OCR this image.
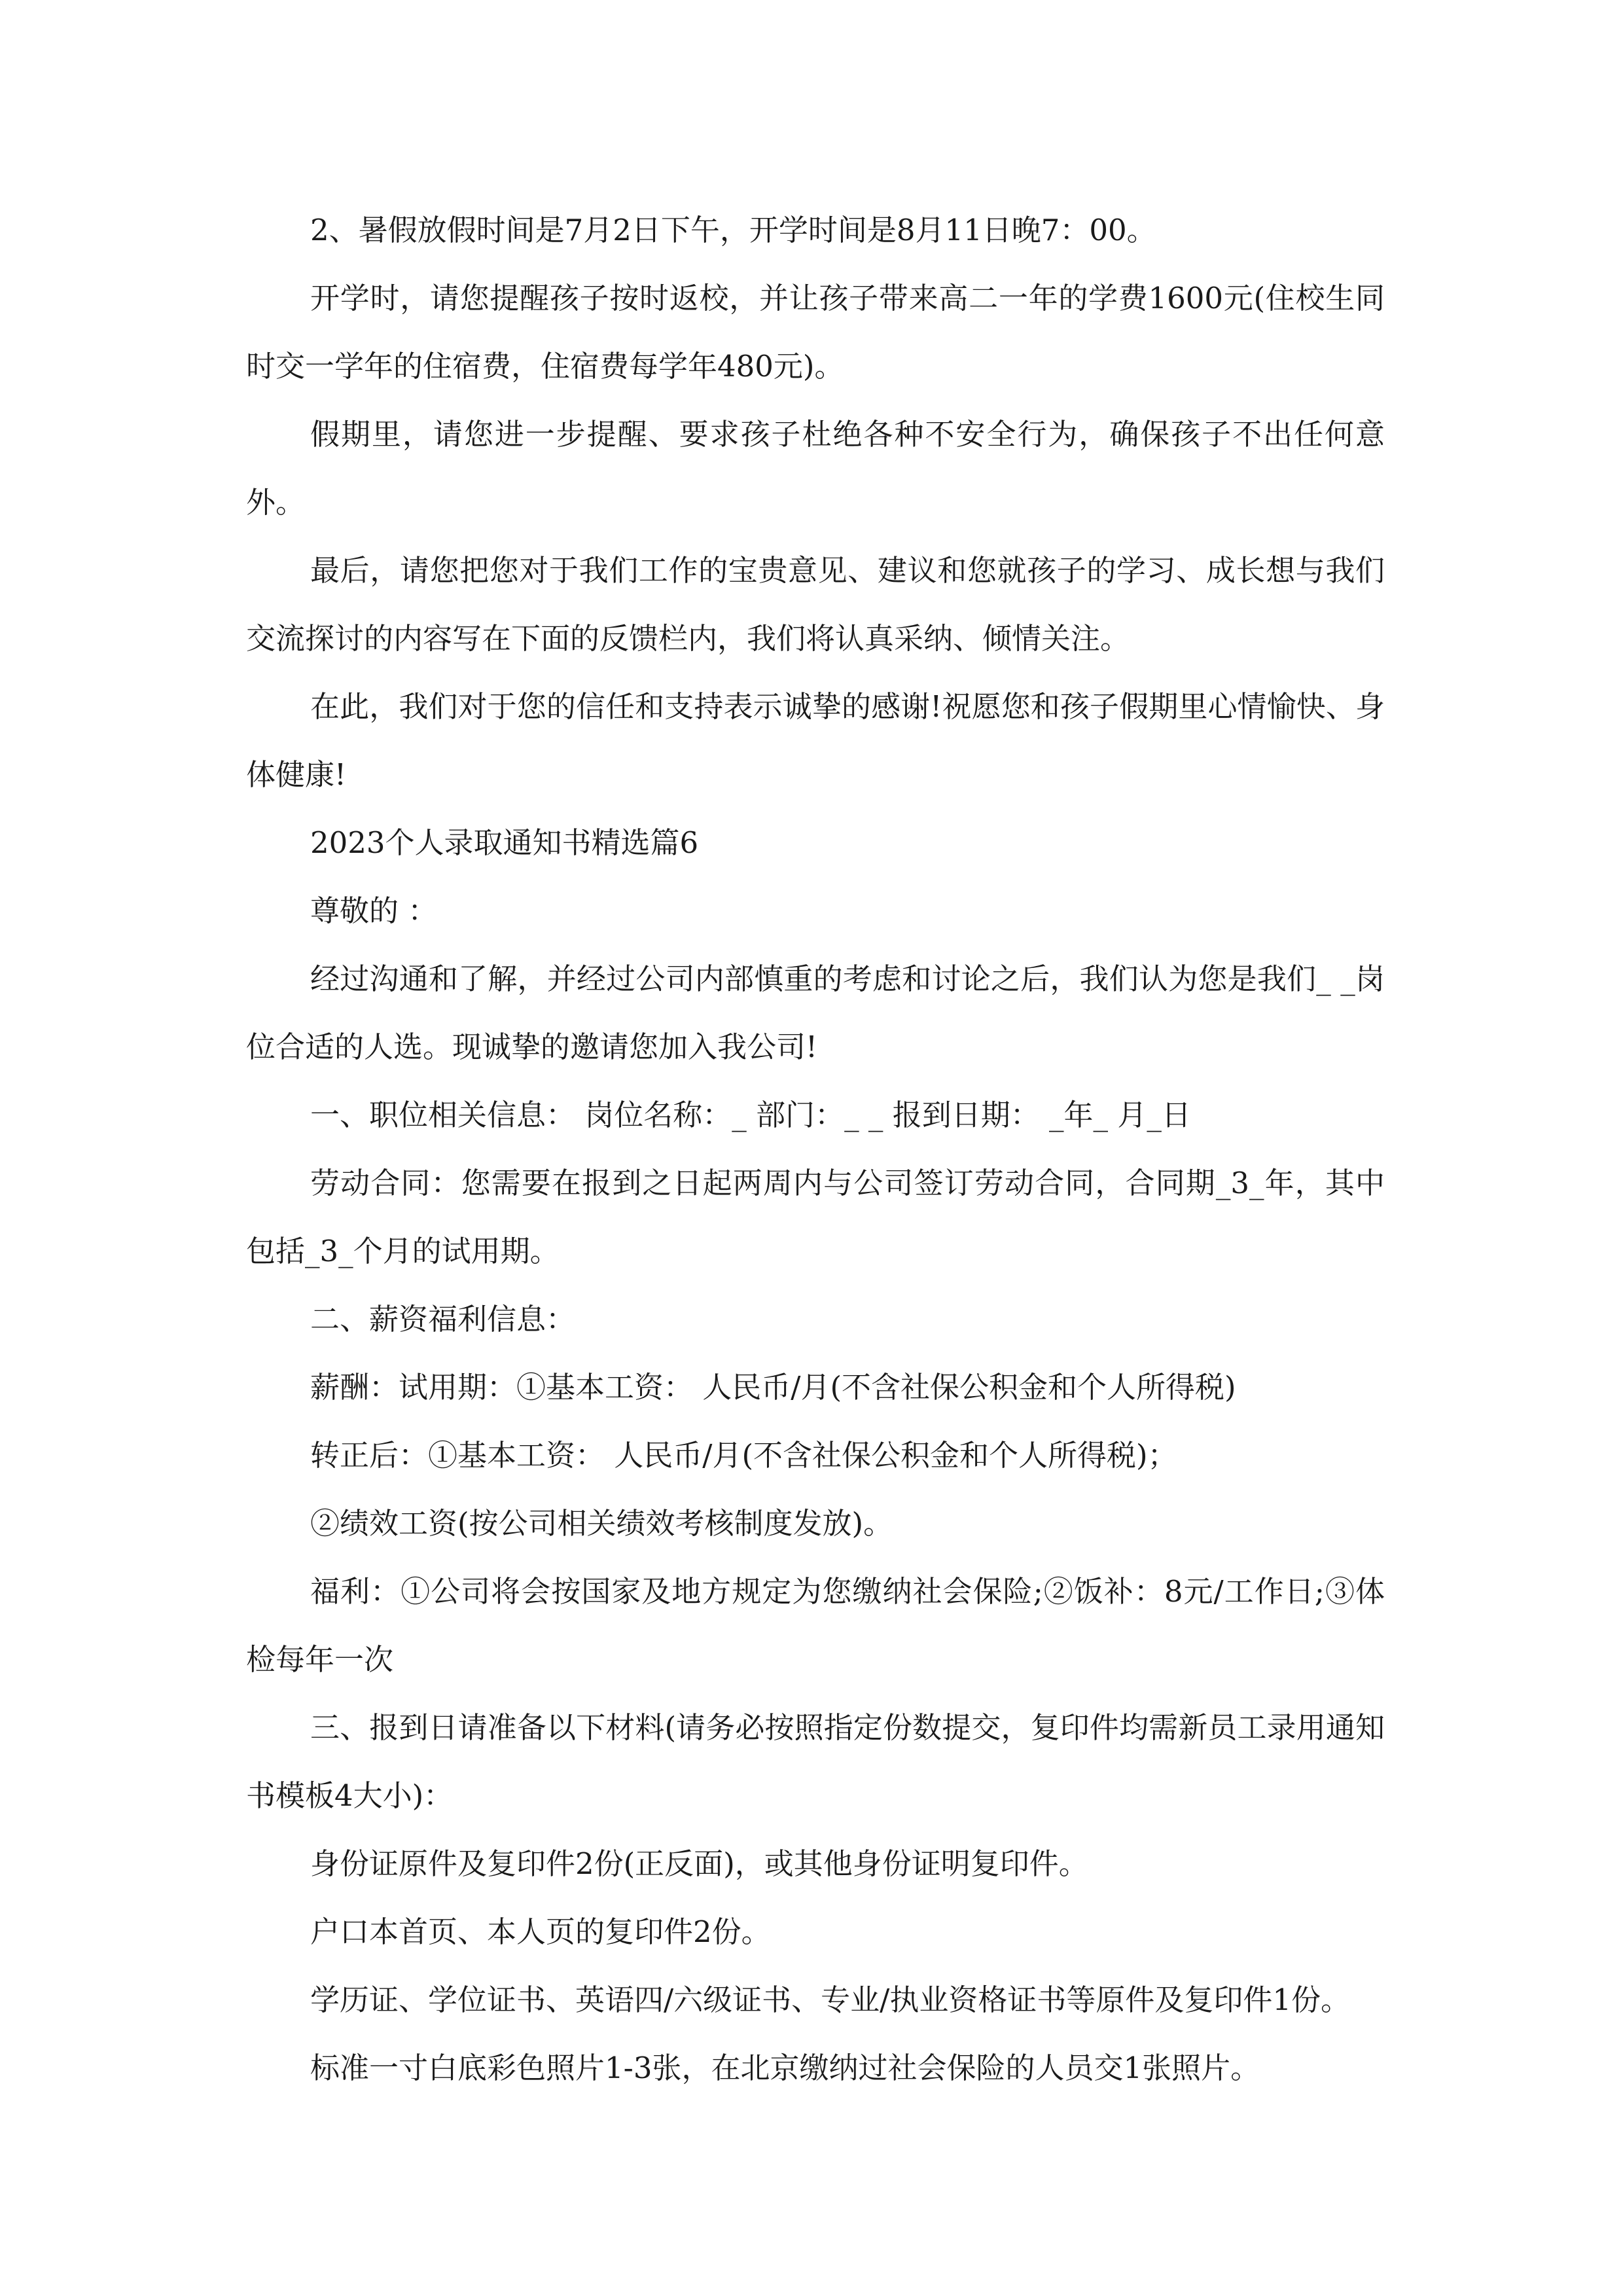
2、暑假放假时间是7月2日下午，开学时间是8月11日晚7：00。

开学时，请您提醒孩子按时返校，并让孩子带来高二一年的学费1600元(住校生同时交一学年的住宿费，住宿费每学年480元)。

假期里，请您进一步提醒、要求孩子杜绝各种不安全行为，确保孩子不出任何意外。

最后，请您把您对于我们工作的宝贵意见、建议和您就孩子的学习、成长想与我们交流探讨的内容写在下面的反馈栏内，我们将认真采纳、倾情关注。

在此，我们对于您的信任和支持表示诚挚的感谢!祝愿您和孩子假期里心情愉快、身体健康!

2023个人录取通知书精选篇6

尊敬的 ：

经过沟通和了解，并经过公司内部慎重的考虑和讨论之后，我们认为您是我们_ _岗位合适的人选。现诚挚的邀请您加入我公司!

一、职位相关信息： 岗位名称：_ 部门：_ _ 报到日期： _年_ 月_日

劳动合同：您需要在报到之日起两周内与公司签订劳动合同，合同期_3_年，其中包括_3_个月的试用期。

二、薪资福利信息：

薪酬：试用期：①基本工资： 人民币/月(不含社保公积金和个人所得税)

转正后：①基本工资： 人民币/月(不含社保公积金和个人所得税)；

②绩效工资(按公司相关绩效考核制度发放)。

福利：①公司将会按国家及地方规定为您缴纳社会保险;②饭补：8元/工作日;③体检每年一次

三、报到日请准备以下材料(请务必按照指定份数提交，复印件均需新员工录用通知书模板4大小)：

身份证原件及复印件2份(正反面)，或其他身份证明复印件。

户口本首页、本人页的复印件2份。

学历证、学位证书、英语四/六级证书、专业/执业资格证书等原件及复印件1份。

标准一寸白底彩色照片1-3张，在北京缴纳过社会保险的人员交1张照片。
